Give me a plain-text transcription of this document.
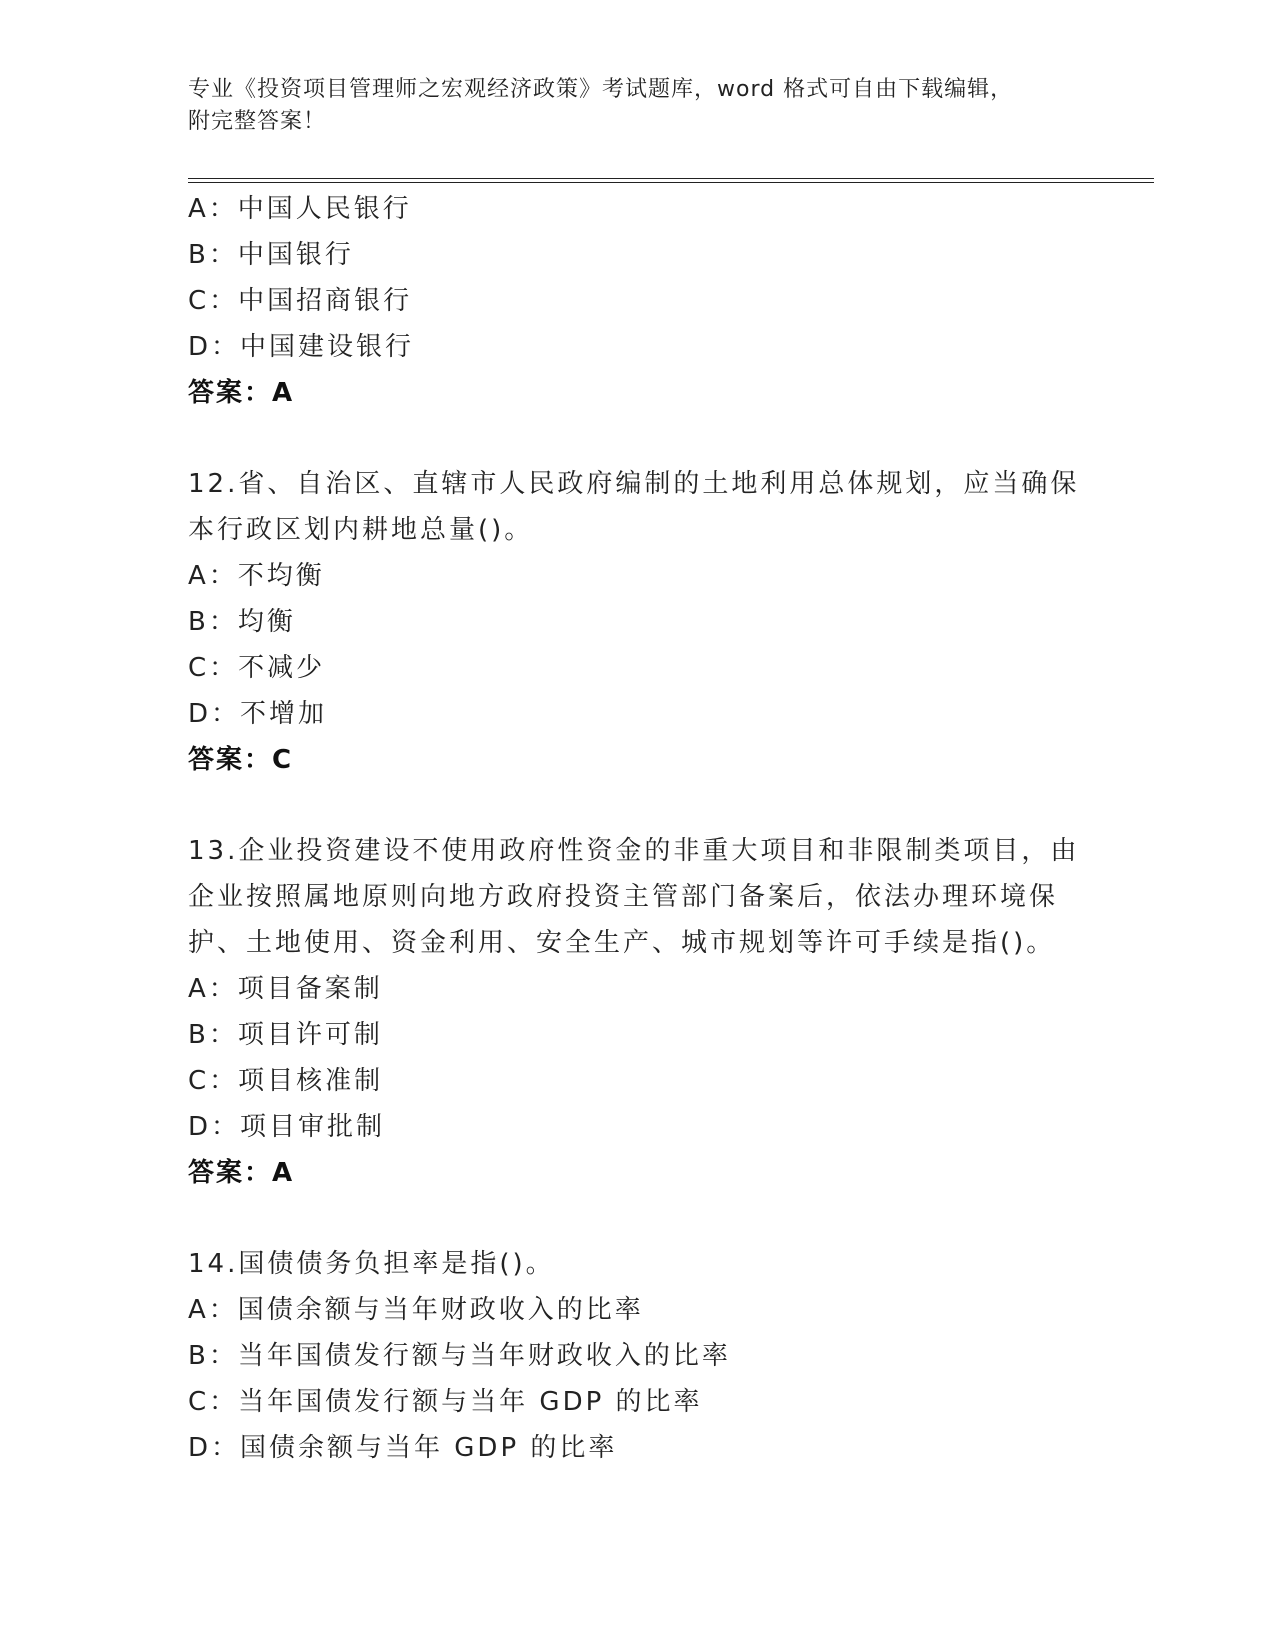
专业《投资项目管理师之宏观经济政策》考试题库，word 格式可自由下载编辑，
附完整答案！
A：中国人民银行
B：中国银行
C：中国招商银行
D：中国建设银行
答案：A
12.省、自治区、直辖市人民政府编制的土地利用总体规划，应当确保
本行政区划内耕地总量()。
A：不均衡
B：均衡
C：不减少
D：不增加
答案：C
13.企业投资建设不使用政府性资金的非重大项目和非限制类项目，由
企业按照属地原则向地方政府投资主管部门备案后，依法办理环境保
护、土地使用、资金利用、安全生产、城市规划等许可手续是指()。
A：项目备案制
B：项目许可制
C：项目核准制
D：项目审批制
答案：A
14.国债债务负担率是指()。
A：国债余额与当年财政收入的比率
B：当年国债发行额与当年财政收入的比率
C：当年国债发行额与当年 GDP 的比率
D：国债余额与当年 GDP 的比率
